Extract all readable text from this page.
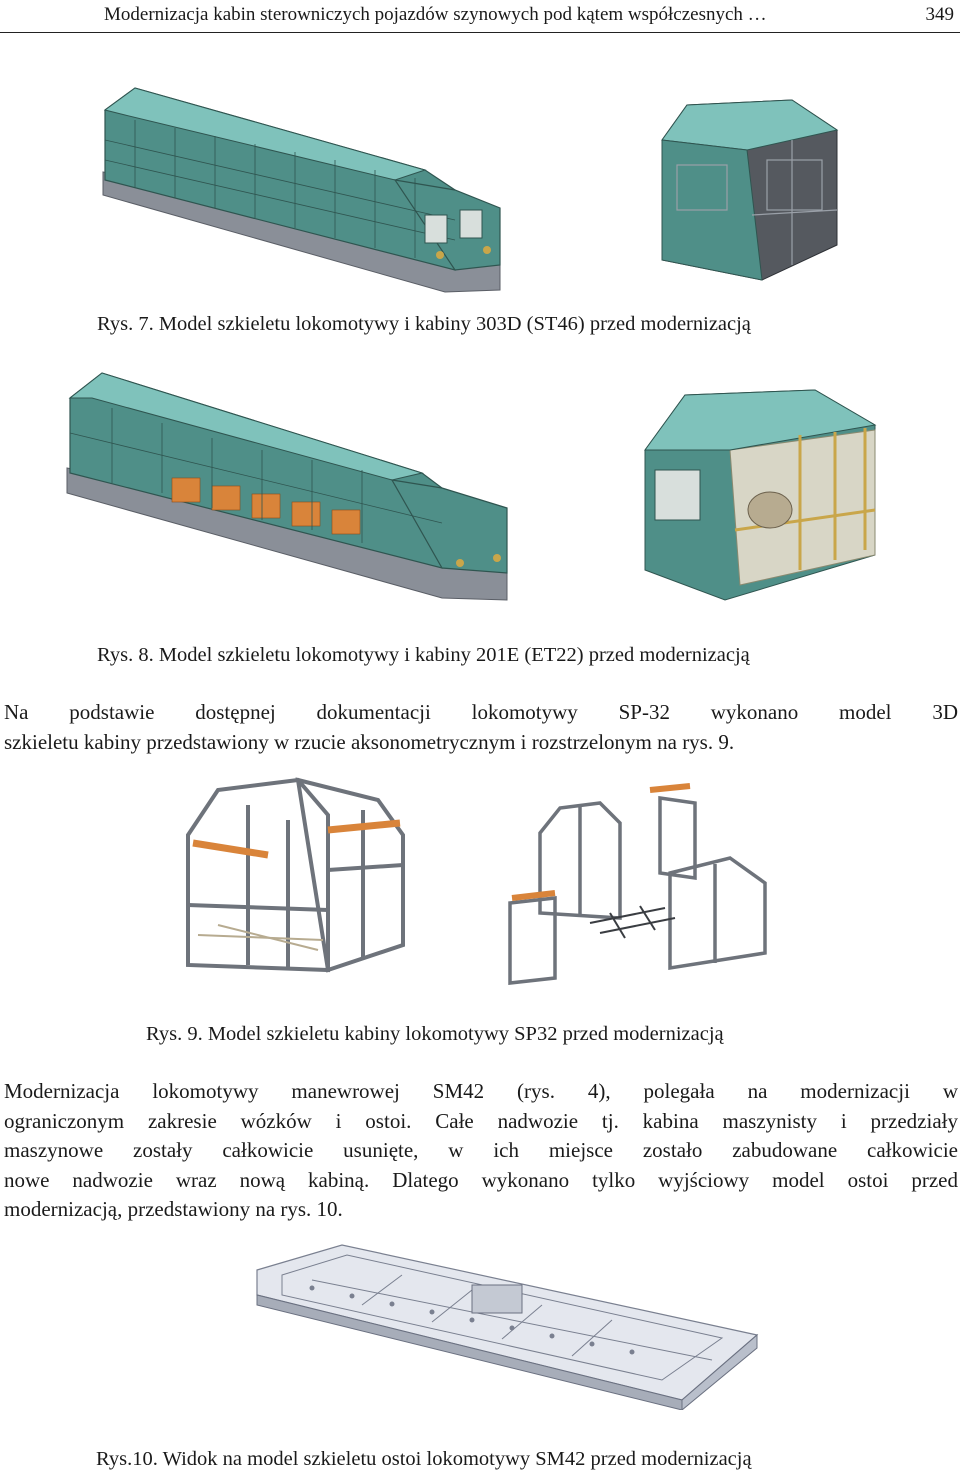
Modernizacja kabin sterowniczych pojazdów szynowych pod kątem współczesnych …	349
Rys. 7. Model szkieletu lokomotywy i kabiny 303D (ST46) przed modernizacją
Rys. 8. Model szkieletu lokomotywy i kabiny 201E (ET22) przed modernizacją
Na podstawie dostępnej dokumentacji lokomotywy SP-32 wykonano model 3D
szkieletu kabiny przedstawiony w rzucie aksonometrycznym i rozstrzelonym na rys. 9.
Rys. 9. Model szkieletu kabiny lokomotywy SP32 przed modernizacją
Modernizacja lokomotywy manewrowej SM42 (rys. 4), polegała na modernizacji w
ograniczonym zakresie wózków i ostoi. Całe nadwozie tj. kabina maszynisty i przedziały
maszynowe zostały całkowicie usunięte, w ich miejsce zostało zabudowane całkowicie
nowe nadwozie wraz nową kabiną. Dlatego wykonano tylko wyjściowy model ostoi przed
modernizacją, przedstawiony na rys. 10.
Rys.10. Widok na model szkieletu ostoi lokomotywy SM42 przed modernizacją
